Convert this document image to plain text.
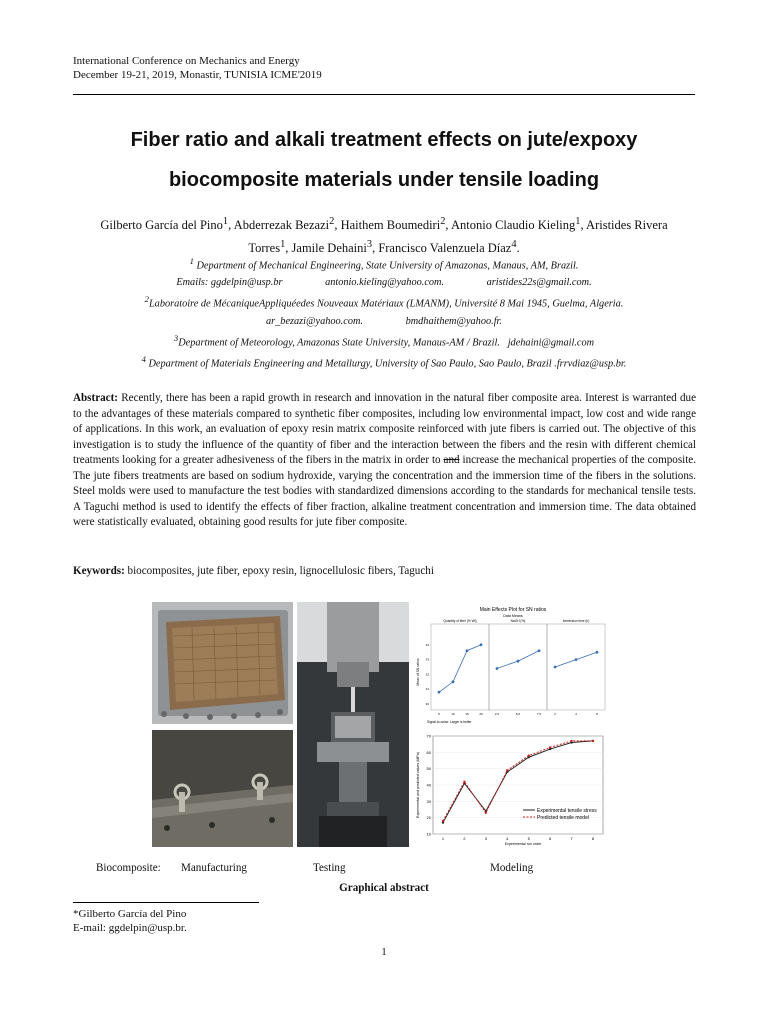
International Conference on Mechanics and Energy
December 19-21, 2019, Monastir, TUNISIA ICME'2019
Fiber ratio and alkali treatment effects on jute/expoxy
biocomposite materials under tensile loading
Gilberto García del Pino$^1$, Abderrezak Bezazi$^2$, Haithem Boumediri$^2$, Antonio Claudio Kieling$^1$, Aristides Rivera Torres$^1$, Jamile Dehaini$^3$, Francisco Valenzuela Díaz$^4$.
$^1$ Department of Mechanical Engineering, State University of Amazonas, Manaus, AM, Brazil.
Emails: ggdelpin@usp.br	antonio.kieling@yahoo.com.	aristides22s@gmail.com.
$^2$Laboratoire de MécaniqueAppliquéedes Nouveaux Matériaux (LMANM), Université 8 Mai 1945, Guelma, Algeria.
ar_bezazi@yahoo.com.	bmdhaithem@yahoo.fr.
$^3$Department of Meteorology, Amazonas State University, Manaus-AM / Brazil. jdehaini@gmail.com
$^4$ Department of Materials Engineering and Metallurgy, University of Sao Paulo, Sao Paulo, Brazil .frrvdiaz@usp.br.
Abstract: Recently, there has been a rapid growth in research and innovation in the natural fiber composite area. Interest is warranted due to the advantages of these materials compared to synthetic fiber composites, including low environmental impact, low cost and wide range of applications. In this work, an evaluation of epoxy resin matrix composite reinforced with jute fibers is carried out. The objective of this investigation is to study the influence of the quantity of fiber and the interaction between the fibers and the resin with different chemical treatments looking for a greater adhesiveness of the fibers in the matrix in order to and increase the mechanical properties of the composite. The jute fibers treatments are based on sodium hydroxide, varying the concentration and the immersion time of the fibers in the solutions. Steel molds were used to manufacture the test bodies with standardized dimensions according to the standards for mechanical tensile tests. A Taguchi method is used to identify the effects of fiber fraction, alkaline treatment concentration and immersion time. The data obtained were statistically evaluated, obtaining good results for jute fiber composite.
Keywords: biocomposites, jute fiber, epoxy resin, lignocellulosic fibers, Taguchi
Main Effects Plot for SN ratios
Data Means
Mean of SN ratios
Signal-to-noise: Larger is better
Quantity of fiber (% Wt)
5	10	15	20
NaOH (%)
2.5	5.0	7.5
Immersion time (h)
2	4	8
30
31
32
33
34
Experimental and predicted values (MPa)
Experimental run order
10
20
30
40
50
60
70
1	2	3	4	5	6	7	8
Experimental tensile stress
Predicted tensile model
Biocomposite: Manufacturing	Testing	Modeling
Graphical abstract
*Gilberto García del Pino
E-mail: ggdelpin@usp.br.
1
